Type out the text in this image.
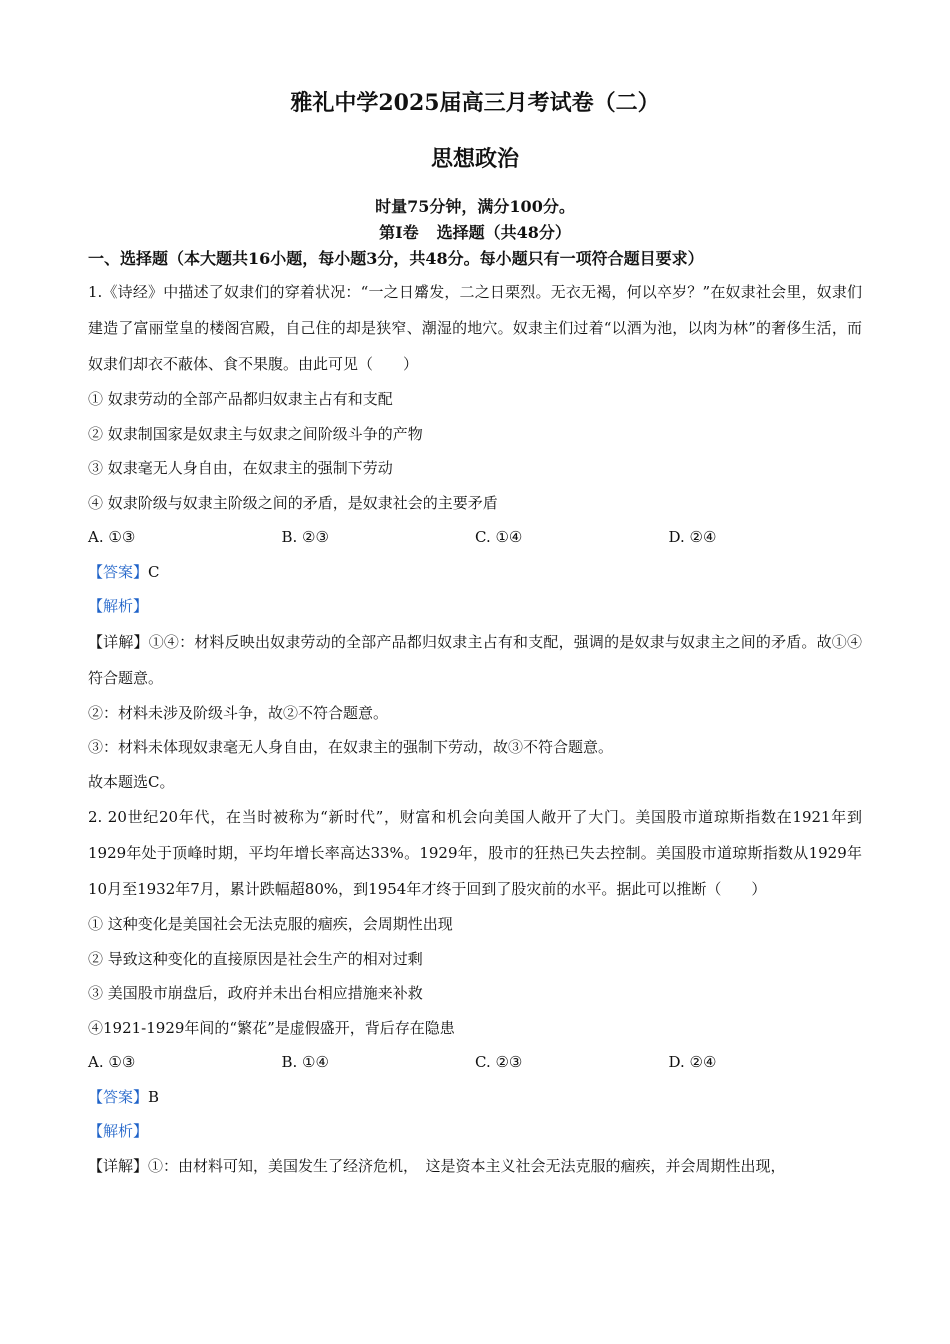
雅礼中学2025届高三月考试卷（二）

思想政治

时量75分钟，满分100分。

第Ⅰ卷 选择题（共48分）

一、选择题（本大题共16小题，每小题3分，共48分。每小题只有一项符合题目要求）

1.《诗经》中描述了奴隶们的穿着状况：“一之日觱发，二之日栗烈。无衣无褐，何以卒岁？”在奴隶社会里，奴隶们建造了富丽堂皇的楼阁宫殿，自己住的却是狭窄、潮湿的地穴。奴隶主们过着“以酒为池，以肉为林”的奢侈生活，而奴隶们却衣不蔽体、食不果腹。由此可见（　　）

① 奴隶劳动的全部产品都归奴隶主占有和支配

② 奴隶制国家是奴隶主与奴隶之间阶级斗争的产物

③ 奴隶毫无人身自由，在奴隶主的强制下劳动

④ 奴隶阶级与奴隶主阶级之间的矛盾，是奴隶社会的主要矛盾

A. ①③	B. ②③	C. ①④	D. ②④

【答案】C

【解析】

【详解】①④：材料反映出奴隶劳动的全部产品都归奴隶主占有和支配，强调的是奴隶与奴隶主之间的矛盾。故①④符合题意。

②：材料未涉及阶级斗争，故②不符合题意。

③：材料未体现奴隶毫无人身自由，在奴隶主的强制下劳动，故③不符合题意。

故本题选C。

2. 20世纪20年代，在当时被称为“新时代”，财富和机会向美国人敞开了大门。美国股市道琼斯指数在1921年到1929年处于顶峰时期，平均年增长率高达33%。1929年，股市的狂热已失去控制。美国股市道琼斯指数从1929年10月至1932年7月，累计跌幅超80%，到1954年才终于回到了股灾前的水平。据此可以推断（　　）

① 这种变化是美国社会无法克服的痼疾，会周期性出现

② 导致这种变化的直接原因是社会生产的相对过剩

③ 美国股市崩盘后，政府并未出台相应措施来补救

④1921-1929年间的“繁花”是虚假盛开，背后存在隐患

A. ①③	B. ①④	C. ②③	D. ②④

【答案】B

【解析】

【详解】①：由材料可知，美国发生了经济危机，　这是资本主义社会无法克服的痼疾，并会周期性出现，
